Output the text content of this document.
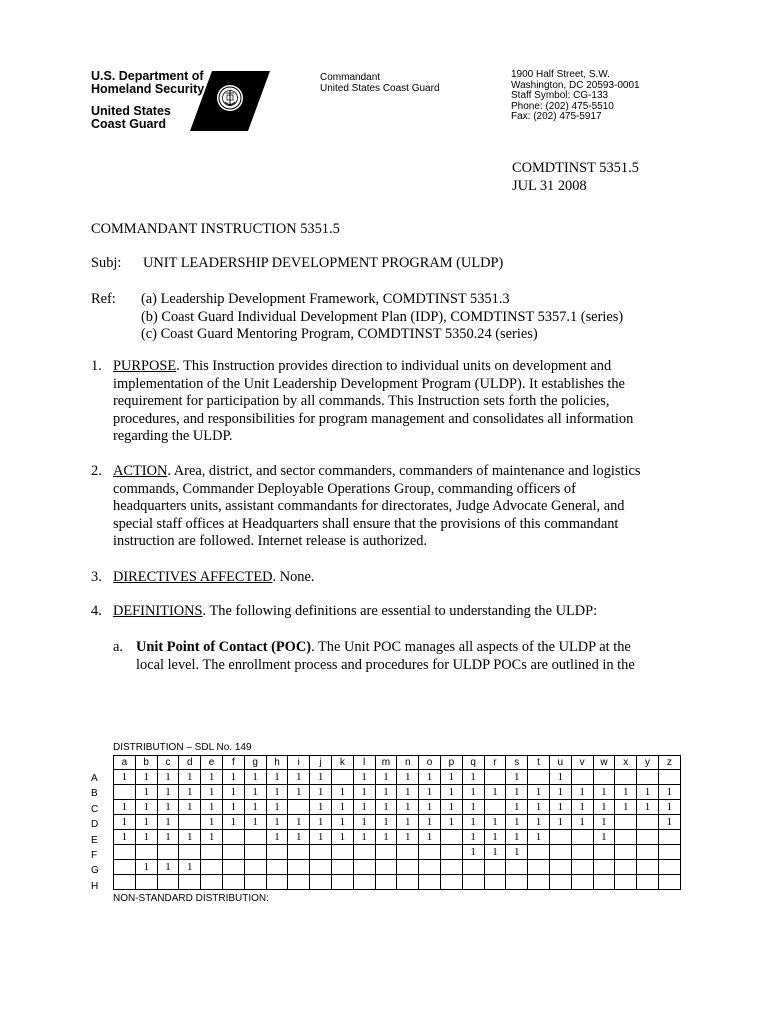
U.S. Department of
Homeland Security
United States
Coast Guard
Commandant
United States Coast Guard
1900 Half Street, S.W.
Washington, DC 20593-0001
Staff Symbol: CG-133
Phone: (202) 475-5510
Fax: (202) 475-5917
COMDTINST 5351.5
JUL 31 2008
COMMANDANT INSTRUCTION 5351.5
Subj: UNIT LEADERSHIP DEVELOPMENT PROGRAM (ULDP)
Ref: (a) Leadership Development Framework, COMDTINST 5351.3
(b) Coast Guard Individual Development Plan (IDP), COMDTINST 5357.1 (series)
(c) Coast Guard Mentoring Program, COMDTINST 5350.24 (series)
1. PURPOSE. This Instruction provides direction to individual units on development and
implementation of the Unit Leadership Development Program (ULDP). It establishes the
requirement for participation by all commands. This Instruction sets forth the policies,
procedures, and responsibilities for program management and consolidates all information
regarding the ULDP.
2. ACTION. Area, district, and sector commanders, commanders of maintenance and logistics
commands, Commander Deployable Operations Group, commanding officers of
headquarters units, assistant commandants for directorates, Judge Advocate General, and
special staff offices at Headquarters shall ensure that the provisions of this commandant
instruction are followed. Internet release is authorized.
3. DIRECTIVES AFFECTED. None.
4. DEFINITIONS. The following definitions are essential to understanding the ULDP:
a. Unit Point of Contact (POC). The Unit POC manages all aspects of the ULDP at the
local level. The enrollment process and procedures for ULDP POCs are outlined in the
DISTRIBUTION – SDL No. 149
A
B
C
D
E
F
G
H
a	b	c	d	e	f	g	h	i	j	k	l	m	n	o	p	q	r	s	t	u	v	w	x	y	z
1	1	1	1	1	1	1	1	1	1		1	1	1	1	1	1		1		1					
	1	1	1	1	1	1	1	1	1	1	1	1	1	1	1	1	1	1	1	1	1	1	1	1	1
1	1	1	1	1	1	1	1		1	1	1	1	1	1	1	1		1	1	1	1	1	1	1	1
1	1	1		1	1	1	1	1	1	1	1	1	1	1	1	1	1	1	1	1	1	1			1
1	1	1	1	1			1	1	1	1	1	1	1	1		1	1	1	1			1			
																1	1	1							
	1	1	1																						

NON-STANDARD DISTRIBUTION:
